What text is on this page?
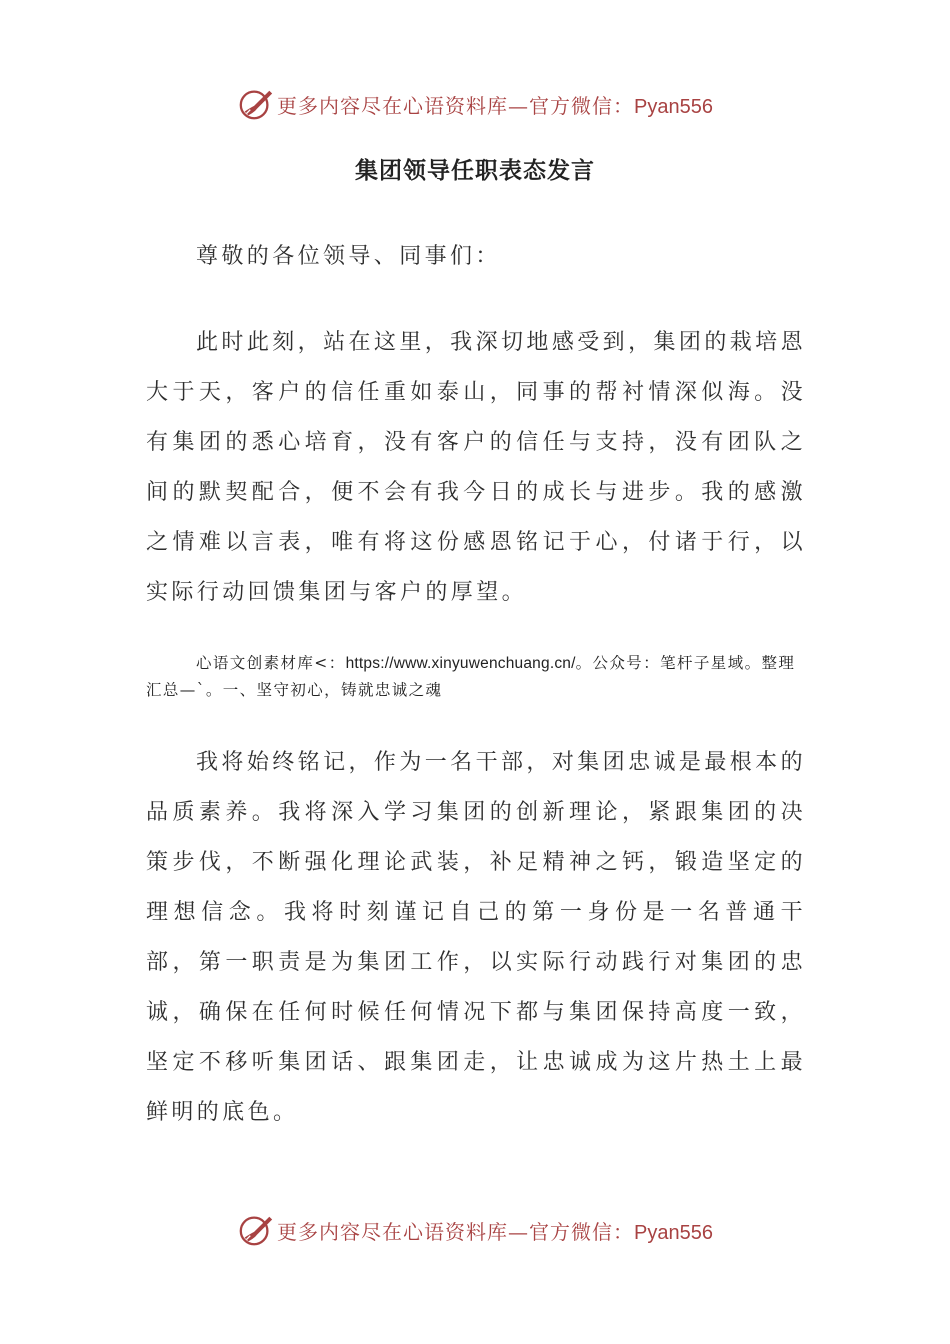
更多内容尽在心语资料库—官方微信：Pyan556
集团领导任职表态发言
尊敬的各位领导、同事们：
此时此刻，站在这里，我深切地感受到，集团的栽培恩大于天，客户的信任重如泰山，同事的帮衬情深似海。没有集团的悉心培育，没有客户的信任与支持，没有团队之间的默契配合，便不会有我今日的成长与进步。我的感激之情难以言表，唯有将这份感恩铭记于心，付诸于行，以实际行动回馈集团与客户的厚望。
心语文创素材库<：https://www.xinyuwenchuang.cn/。公众号：笔杆子星域。整理汇总—`。一、坚守初心，铸就忠诚之魂
我将始终铭记，作为一名干部，对集团忠诚是最根本的品质素养。我将深入学习集团的创新理论，紧跟集团的决策步伐，不断强化理论武装，补足精神之钙，锻造坚定的理想信念。我将时刻谨记自己的第一身份是一名普通干部，第一职责是为集团工作，以实际行动践行对集团的忠诚，确保在任何时候任何情况下都与集团保持高度一致，坚定不移听集团话、跟集团走，让忠诚成为这片热土上最鲜明的底色。
更多内容尽在心语资料库—官方微信：Pyan556
